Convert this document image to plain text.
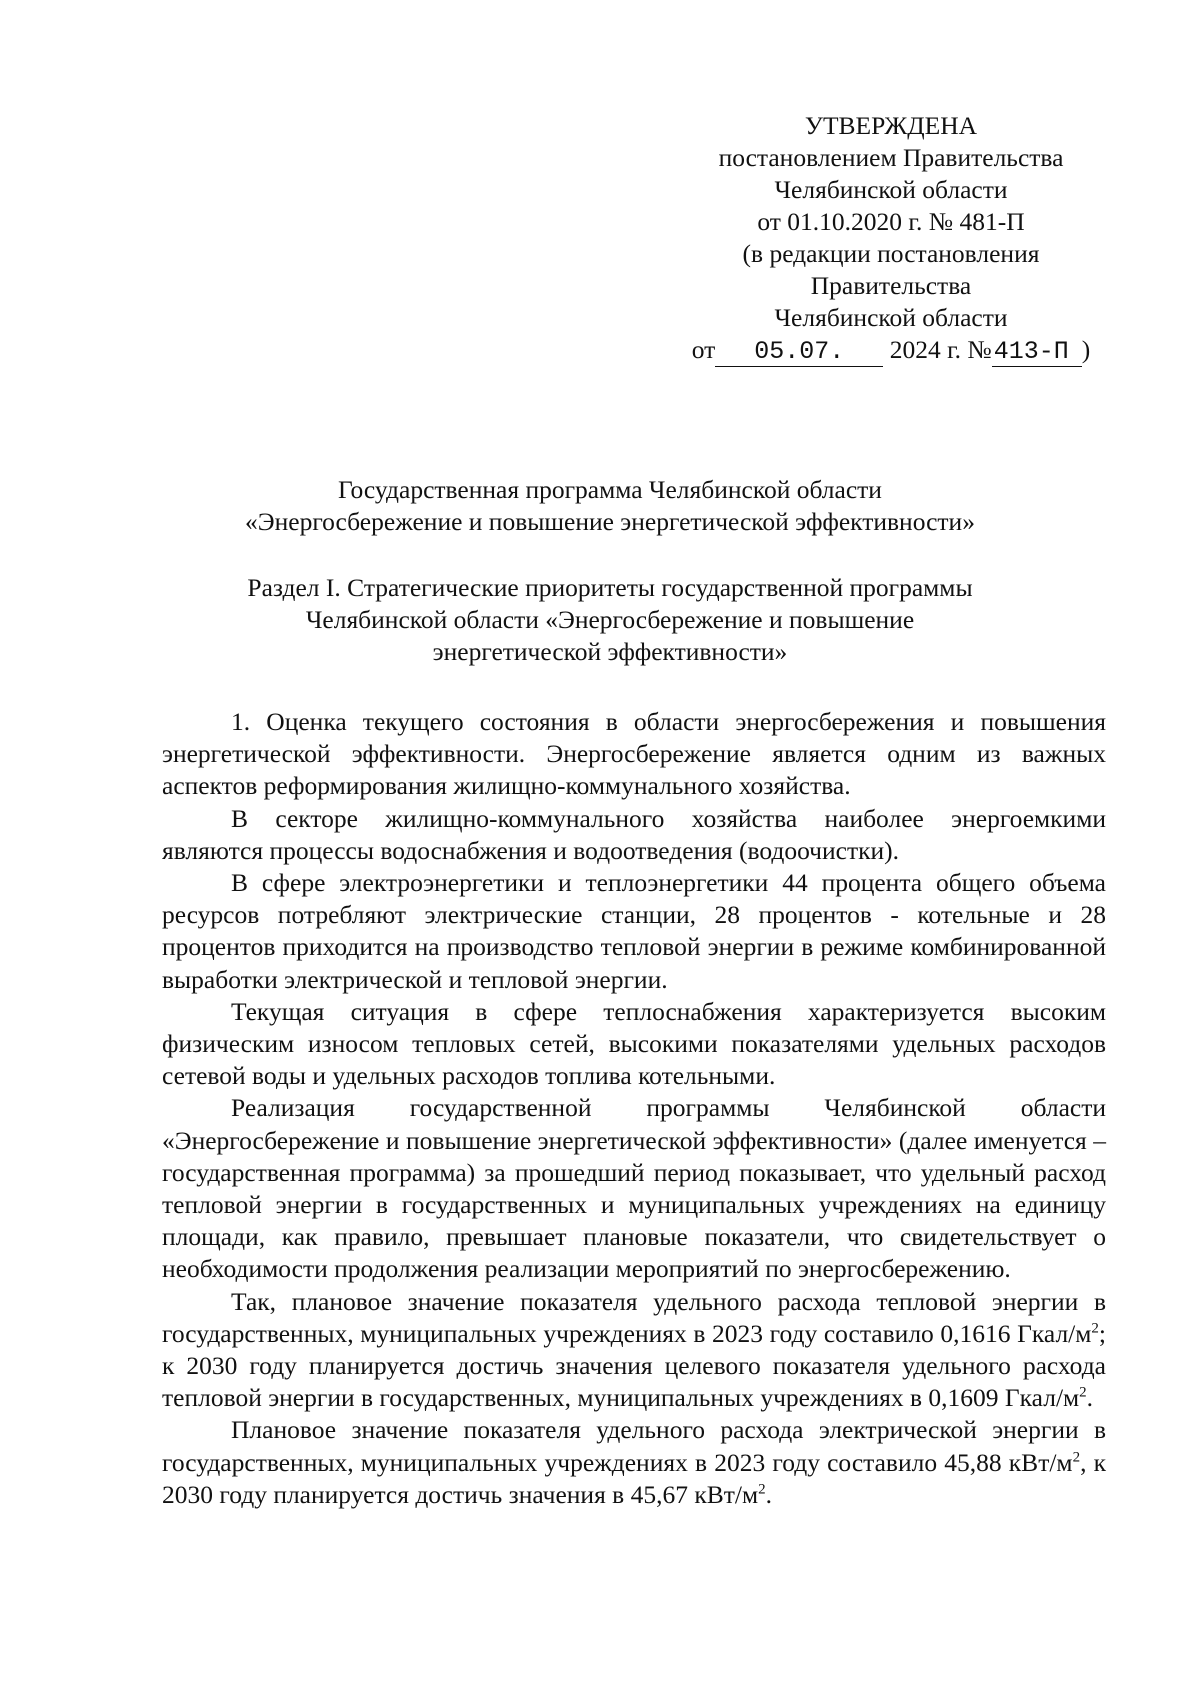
УТВЕРЖДЕНА
постановлением Правительства
Челябинской области
от 01.10.2020 г. № 481-П
(в редакции постановления
Правительства
Челябинской области
от 05.07. 2024 г. №413-П )
Государственная программа Челябинской области
«Энергосбережение и повышение энергетической эффективности»
Раздел I. Стратегические приоритеты государственной программы
Челябинской области «Энергосбережение и повышение
энергетической эффективности»

1. Оценка текущего состояния в области энергосбережения и повышения энергетической эффективности. Энергосбережение является одним из важных аспектов реформирования жилищно-коммунального хозяйства.

В секторе жилищно-коммунального хозяйства наиболее энергоемкими являются процессы водоснабжения и водоотведения (водоочистки).

В сфере электроэнергетики и теплоэнергетики 44 процента общего объема ресурсов потребляют электрические станции, 28 процентов - котельные и 28 процентов приходится на производство тепловой энергии в режиме комбинированной выработки электрической и тепловой энергии.

Текущая ситуация в сфере теплоснабжения характеризуется высоким физическим износом тепловых сетей, высокими показателями удельных расходов сетевой воды и удельных расходов топлива котельными.

Реализация государственной программы Челябинской области «Энергосбережение и повышение энергетической эффективности» (далее именуется – государственная программа) за прошедший период показывает, что удельный расход тепловой энергии в государственных и муниципальных учреждениях на единицу площади, как правило, превышает плановые показатели, что свидетельствует о необходимости продолжения реализации мероприятий по энергосбережению.

Так, плановое значение показателя удельного расхода тепловой энергии в государственных, муниципальных учреждениях в 2023 году составило 0,1616 Гкал/$м^2$; к 2030 году планируется достичь значения целевого показателя удельного расхода тепловой энергии в государственных, муниципальных учреждениях в 0,1609 Гкал/$м^2$.

Плановое значение показателя удельного расхода электрической энергии в государственных, муниципальных учреждениях в 2023 году составило 45,88 кВт/$м^2$, к 2030 году планируется достичь значения в 45,67 кВт/$м^2$.
